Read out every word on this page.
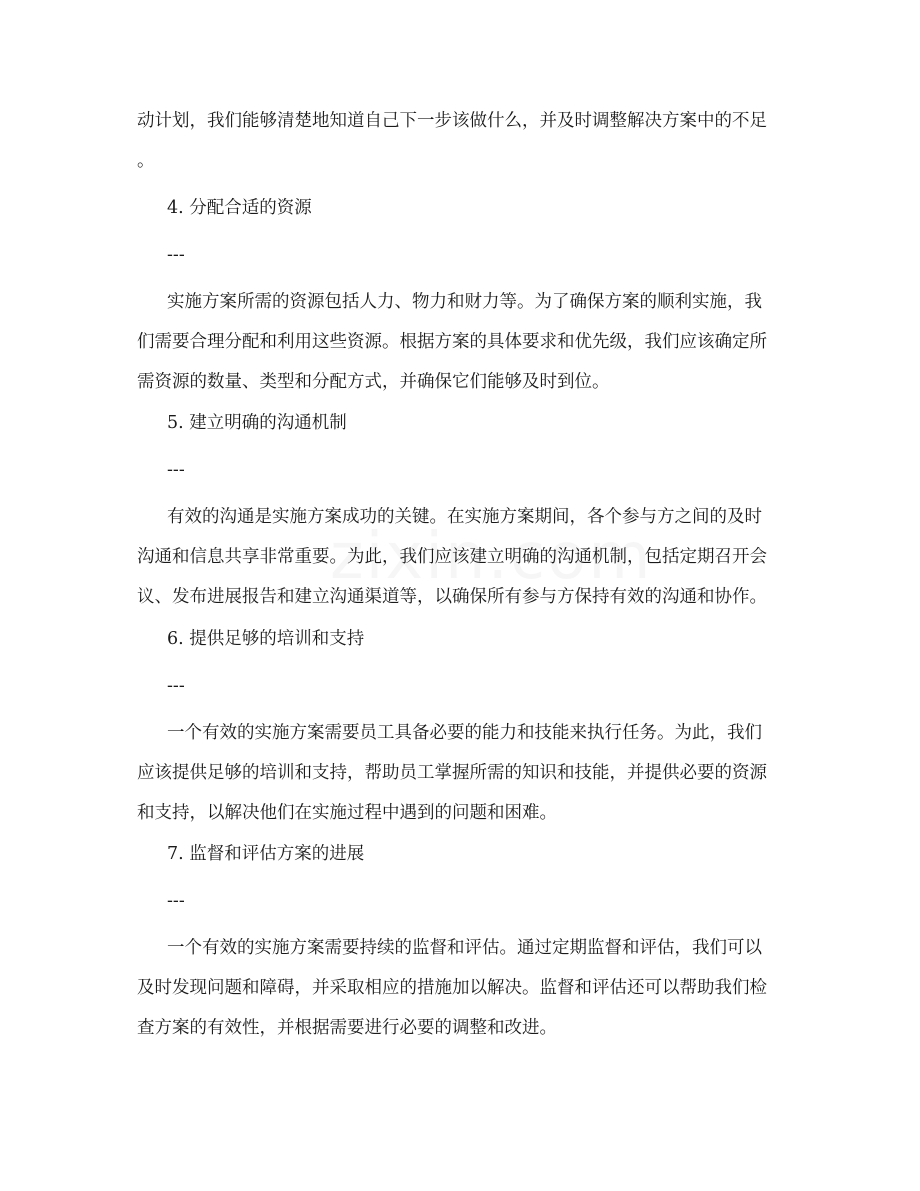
动计划，我们能够清楚地知道自己下一步该做什么，并及时调整解决方案中的不足
。
4. 分配合适的资源
---
实施方案所需的资源包括人力、物力和财力等。为了确保方案的顺利实施，我
们需要合理分配和利用这些资源。根据方案的具体要求和优先级，我们应该确定所
需资源的数量、类型和分配方式，并确保它们能够及时到位。
5. 建立明确的沟通机制
---
有效的沟通是实施方案成功的关键。在实施方案期间，各个参与方之间的及时
沟通和信息共享非常重要。为此，我们应该建立明确的沟通机制，包括定期召开会
议、发布进展报告和建立沟通渠道等，以确保所有参与方保持有效的沟通和协作。
6. 提供足够的培训和支持
---
一个有效的实施方案需要员工具备必要的能力和技能来执行任务。为此，我们
应该提供足够的培训和支持，帮助员工掌握所需的知识和技能，并提供必要的资源
和支持，以解决他们在实施过程中遇到的问题和困难。
7. 监督和评估方案的进展
---
一个有效的实施方案需要持续的监督和评估。通过定期监督和评估，我们可以
及时发现问题和障碍，并采取相应的措施加以解决。监督和评估还可以帮助我们检
查方案的有效性，并根据需要进行必要的调整和改进。
